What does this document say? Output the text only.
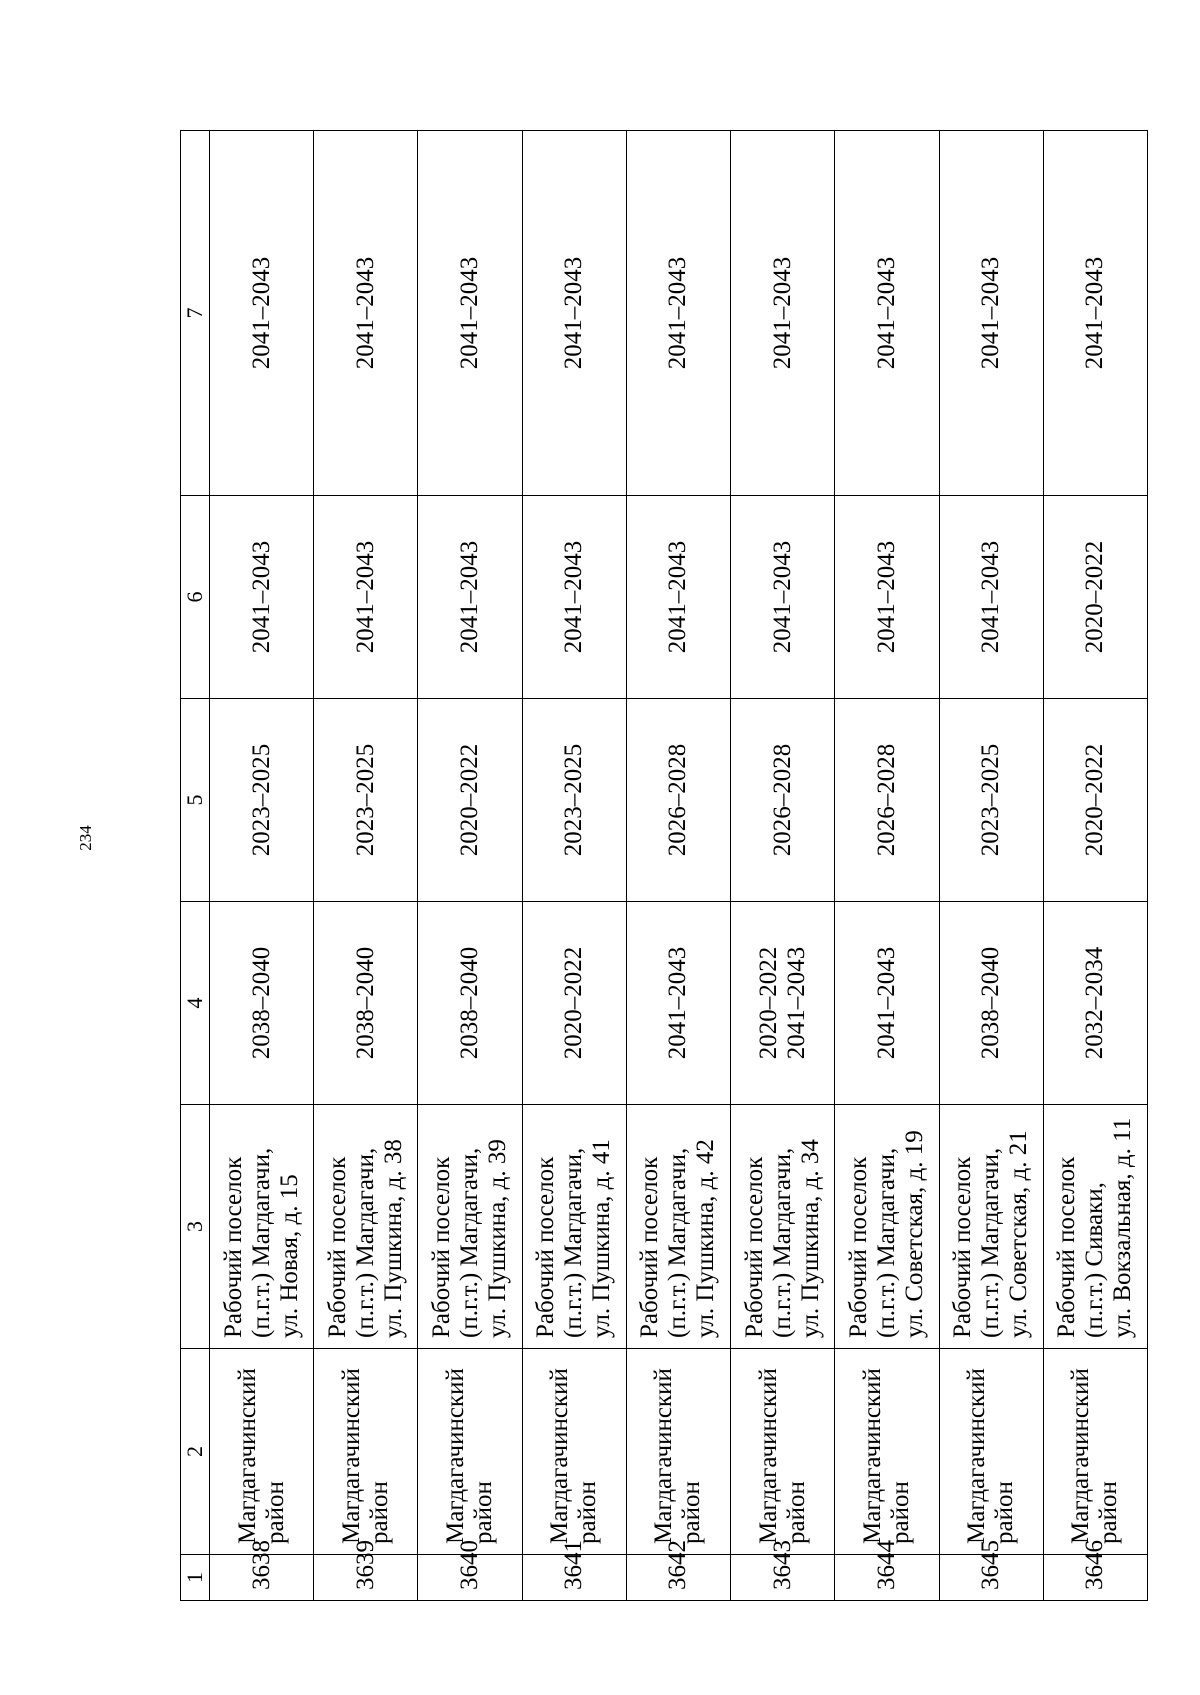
234
1	2	3	4	5	6	7
3638	Магдагачинский район	Рабочий поселок (п.г.т.) Магдагачи, ул. Новая, д. 15	2038–2040	2023–2025	2041–2043	2041–2043
3639	Магдагачинский район	Рабочий поселок (п.г.т.) Магдагачи, ул. Пушкина, д. 38	2038–2040	2023–2025	2041–2043	2041–2043
3640	Магдагачинский район	Рабочий поселок (п.г.т.) Магдагачи, ул. Пушкина, д. 39	2038–2040	2020–2022	2041–2043	2041–2043
3641	Магдагачинский район	Рабочий поселок (п.г.т.) Магдагачи, ул. Пушкина, д. 41	2020–2022	2023–2025	2041–2043	2041–2043
3642	Магдагачинский район	Рабочий поселок (п.г.т.) Магдагачи, ул. Пушкина, д. 42	2041–2043	2026–2028	2041–2043	2041–2043
3643	Магдагачинский район	Рабочий поселок (п.г.т.) Магдагачи, ул. Пушкина, д. 34	2020–2022 2041–2043	2026–2028	2041–2043	2041–2043
3644	Магдагачинский район	Рабочий поселок (п.г.т.) Магдагачи, ул. Советская, д. 19	2041–2043	2026–2028	2041–2043	2041–2043
3645	Магдагачинский район	Рабочий поселок (п.г.т.) Магдагачи, ул. Советская, д. 21	2038–2040	2023–2025	2041–2043	2041–2043
3646	Магдагачинский район	Рабочий поселок (п.г.т.) Сиваки, ул. Вокзальная, д. 11	2032–2034	2020–2022	2020–2022	2041–2043
